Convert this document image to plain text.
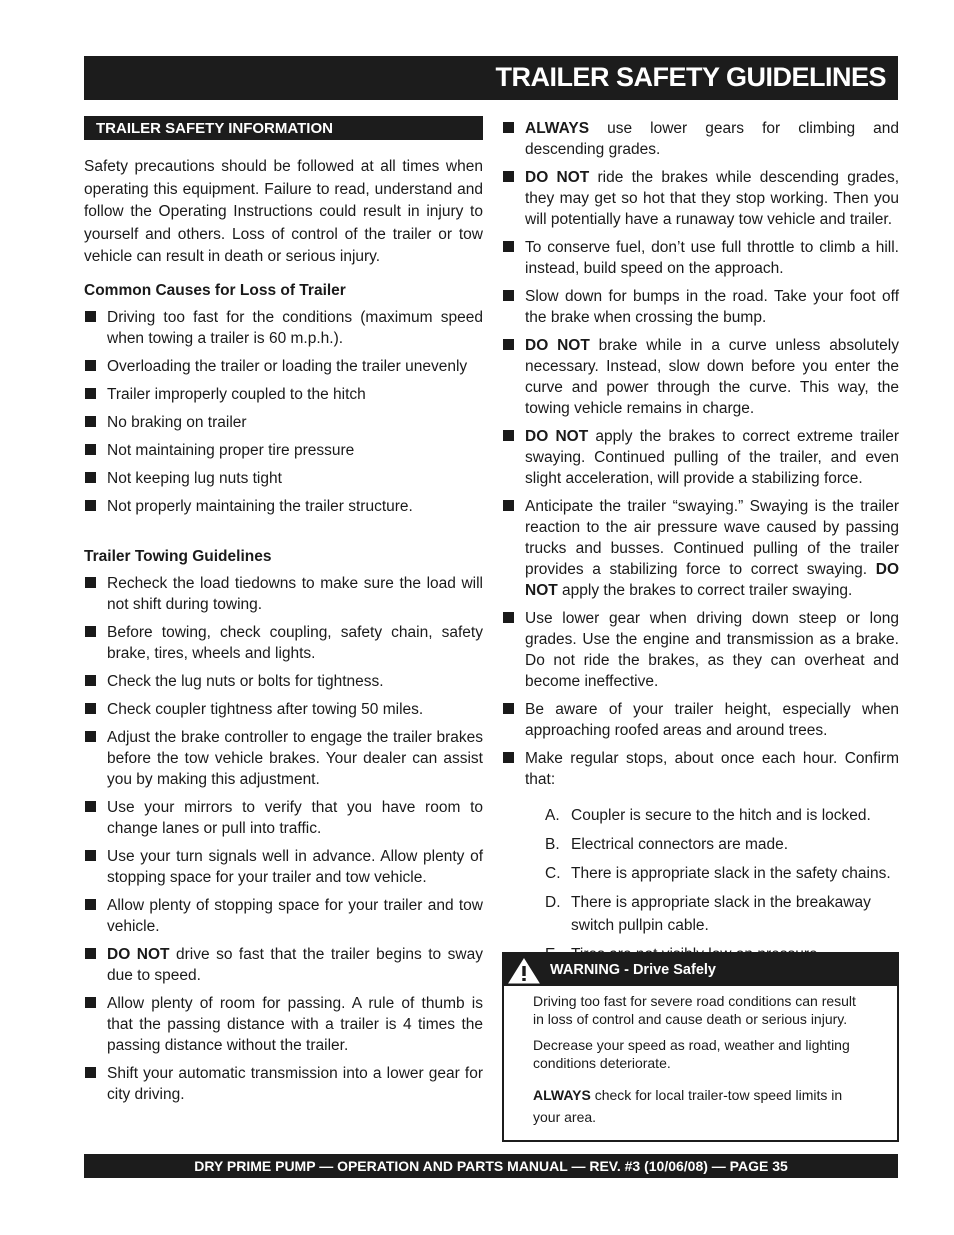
TRAILER SAFETY GUIDELINES
TRAILER SAFETY INFORMATION

Safety precautions should be followed at all times when operating this equipment. Failure to read, understand and follow the Operating Instructions could result in injury to yourself and others. Loss of control of the trailer or tow vehicle can result in death or serious injury.

Common Causes for Loss of Trailer
Driving too fast for the conditions (maximum speed when towing a trailer is 60 m.p.h.).
Overloading the trailer or loading the trailer unevenly
Trailer improperly coupled to the hitch
No braking on trailer
Not maintaining proper tire pressure
Not keeping lug nuts tight
Not properly maintaining the trailer structure.
Trailer Towing Guidelines
Recheck the load tiedowns to make sure the load will not shift during towing.
Before towing, check coupling, safety chain, safety brake, tires, wheels and lights.
Check the lug nuts or bolts for tightness.
Check coupler tightness after towing 50 miles.
Adjust the brake controller to engage the trailer brakes before the tow vehicle brakes. Your dealer can assist you by making this adjustment.
Use your mirrors to verify that you have room to change lanes or pull into traffic.
Use your turn signals well in advance. Allow plenty of stopping space for your trailer and tow vehicle.
Allow plenty of stopping space for your trailer and tow vehicle.
DO NOT drive so fast that the trailer begins to sway due to speed.
Allow plenty of room for passing. A rule of thumb is that the passing distance with a trailer is 4 times the passing distance without the trailer.
Shift your automatic transmission into a lower gear for city driving.
ALWAYS use lower gears for climbing and descending grades.
DO NOT ride the brakes while descending grades, they may get so hot that they stop working. Then you will potentially have a runaway tow vehicle and trailer.
To conserve fuel, don’t use full throttle to climb a hill. instead, build speed on the approach.
Slow down for bumps in the road. Take your foot off the brake when crossing the bump.
DO NOT brake while in a curve unless absolutely necessary. Instead, slow down before you enter the curve and power through the curve. This way, the towing vehicle remains in charge.
DO NOT apply the brakes to correct extreme trailer swaying. Continued pulling of the trailer, and even slight acceleration, will provide a stabilizing force.
Anticipate the trailer “swaying.” Swaying is the trailer reaction to the air pressure wave caused by passing trucks and busses. Continued pulling of the trailer provides a stabilizing force to correct swaying. DO NOT apply the brakes to correct trailer swaying.
Use lower gear when driving down steep or long grades. Use the engine and transmission as a brake. Do not ride the brakes, as they can overheat and become ineffective.
Be aware of your trailer height, especially when approaching roofed areas and around trees.
Make regular stops, about once each hour. Confirm that:
A. Coupler is secure to the hitch and is locked.
B. Electrical connectors are made.
C. There is appropriate slack in the safety chains.
D. There is appropriate slack in the breakaway switch pullpin cable.
WARNING - Drive Safely

Driving too fast for severe road conditions can result in loss of control and cause death or serious injury.

Decrease your speed as road, weather and lighting conditions deteriorate.

ALWAYS check for local trailer-tow speed limits in your area.

DRY PRIME PUMP — OPERATION AND PARTS MANUAL — REV. #3 (10/06/08) — PAGE 35
